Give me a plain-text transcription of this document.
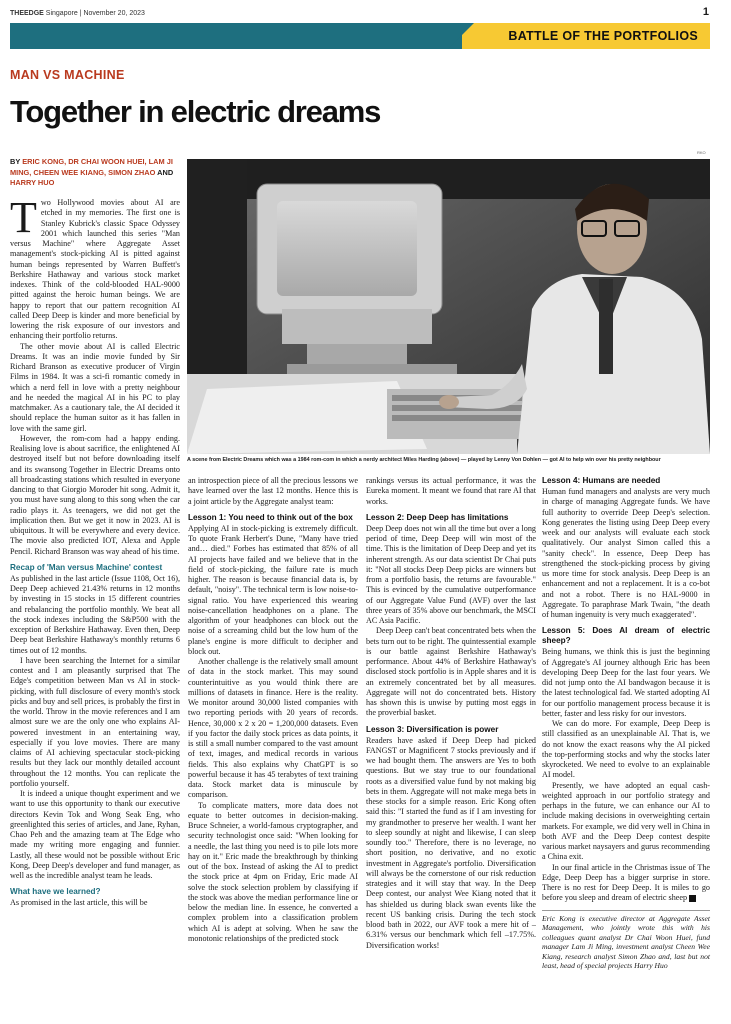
THEEDGE Singapore | November 20, 2023	1
BATTLE OF THE PORTFOLIOS
MAN VS MACHINE
Together in electric dreams
BY ERIC KONG, DR CHAI WOON HUEI, LAM JI MING, CHEEN WEE KIANG, SIMON ZHAO AND HARRY HUO
RKO
A scene from Electric Dreams which was a 1984 rom-com in which a nerdy architect Miles Harding (above) — played by Lenny Von Dohlen — got AI to help win over his pretty neighbour

Two Hollywood movies about AI are etched in my memories. The first one is Stanley Kubrick's classic Space Odyssey 2001 which launched this series "Man versus Machine" where Aggregate Asset management's stock-picking AI is pitted against human beings represented by Warren Buffett's Berkshire Hathaway and various stock market indexes. Think of the cold-blooded HAL-9000 pitted against the heroic human beings. We are happy to report that our pattern recognition AI called Deep Deep is kinder and more beneficial by lowering the risk exposure of our investors and enhancing their portfolio returns.

The other movie about AI is called Electric Dreams. It was an indie movie funded by Sir Richard Branson as executive producer of Virgin Films in 1984. It was a sci-fi romantic comedy in which a nerd fell in love with a pretty neighbour and he needed the magical AI in his PC to play matchmaker. As a cautionary tale, the AI decided it should replace the human suitor as it has fallen in love with the same girl.

However, the rom-com had a happy ending. Realising love is about sacrifice, the enlightened AI destroyed itself but not before downloading itself and its swansong Together in Electric Dreams onto all broadcasting stations which resulted in everyone dancing to that Giorgio Moroder hit song. Admit it, you must have sung along to this song when the car radio plays it. As teenagers, we did not get the implication then. But we get it now in 2023. AI is ubiquitous. It will be everywhere and every device. The movie also predicted IOT, Alexa and Apple Pencil. Richard Branson was way ahead of his time.

Recap of 'Man versus Machine' contest

As published in the last article (Issue 1108, Oct 16), Deep Deep achieved 21.43% returns in 12 months by investing in 15 stocks in 15 different countries and rebalancing the portfolio monthly. We beat all the stock indexes including the S&P500 with the exception of Berkshire Hathaway. Even then, Deep Deep beat Berkshire Hathaway's monthly returns 6 times out of 12 months.

I have been searching the Internet for a similar contest and I am pleasantly surprised that The Edge's competition between Man vs AI in stock-picking, with full disclosure of every month's stock picks and buy and sell prices, is probably the first in the world. Throw in the movie references and I am almost sure we are the only one who explains AI-powered investment in an entertaining way, especially if you love movies. There are many claims of AI achieving spectacular stock-picking results but they lack our monthly detailed account throughout the 12 months. You can replicate the portfolio yourself.

It is indeed a unique thought experiment and we want to use this opportunity to thank our executive directors Kevin Tok and Wong Seak Eng, who greenlighted this series of articles, and Jane, Ryhan, Chao Peh and the amazing team at The Edge who made my writing more engaging and funnier. Lastly, all these would not be possible without Eric Kong, Deep Deep's developer and fund manager, as well as the incredible analyst team he leads.

What have we learned?

As promised in the last article, this will be

an introspection piece of all the precious lessons we have learned over the last 12 months. Hence this is a joint article by the Aggregate analyst team:

Lesson 1: You need to think out of the box

Applying AI in stock-picking is extremely difficult. To quote Frank Herbert's Dune, "Many have tried and… died." Forbes has estimated that 85% of all AI projects have failed and we believe that in the field of stock-picking, the failure rate is much higher. The reason is because financial data is, by default, "noisy". The technical term is low noise-to-signal ratio. You have experienced this wearing noise-cancellation headphones on a plane. The algorithm of your headphones can block out the noise of a screaming child but the low hum of the plane's engine is more difficult to decipher and block out.

Another challenge is the relatively small amount of data in the stock market. This may sound counterintuitive as you would think there are millions of datasets in finance. Here is the reality. We monitor around 30,000 listed companies with two reporting periods with 20 years of records. Hence, 30,000 x 2 x 20 = 1,200,000 datasets. Even if you factor the daily stock prices as data points, it is still a small number compared to the vast amount of text, images, and medical records in various fields. This also explains why ChatGPT is so powerful because it has 45 terabytes of text training data. Stock market data is minuscule by comparison.

To complicate matters, more data does not equate to better outcomes in decision-making. Bruce Schneier, a world-famous cryptographer, and security technologist once said: "When looking for a needle, the last thing you need is to pile lots more hay on it." Eric made the breakthrough by thinking out of the box. Instead of asking the AI to predict the stock price at 4pm on Friday, Eric made AI solve the stock selection problem by classifying if the stock was above the median performance line or below the median line. In essence, he converted a complex problem into a classification problem which AI is adept at solving. When he saw the monotonic relationships of the predicted stock

rankings versus its actual performance, it was the Eureka moment. It meant we found that rare AI that works.

Lesson 2: Deep Deep has limitations

Deep Deep does not win all the time but over a long period of time, Deep Deep will win most of the time. This is the limitation of Deep Deep and yet its inherent strength. As our data scientist Dr Chai puts it: "Not all stocks Deep Deep picks are winners but from a portfolio basis, the returns are favourable." This is evinced by the cumulative outperformance of our Aggregate Value Fund (AVF) over the last three years of 35% above our benchmark, the MSCI AC Asia Pacific.

Deep Deep can't beat concentrated bets when the bets turn out to be right. The quintessential example is our battle against Berkshire Hathaway's performance. About 44% of Berkshire Hathaway's disclosed stock portfolio is in Apple shares and it is an extremely concentrated bet by all measures. Aggregate will not do concentrated bets. History has shown this is unwise by putting most eggs in the proverbial basket.

Lesson 3: Diversification is power

Readers have asked if Deep Deep had picked FANGST or Magnificent 7 stocks previously and if we had bought them. The answers are Yes to both questions. But we stay true to our foundational roots as a diversified value fund by not making big bets in them. Aggregate will not make mega bets in these stocks for a simple reason. Eric Kong often said this: "I started the fund as if I am investing for my grandmother to preserve her wealth. I want her to sleep soundly at night and likewise, I can sleep soundly too." Therefore, there is no leverage, no short position, no derivative, and no exotic investment in Aggregate's portfolio. Diversification will always be the cornerstone of our risk reduction strategies and it will stay that way. In the Deep Deep contest, our analyst Wee Kiang noted that it has shielded us during black swan events like the recent US banking crisis. During the tech stock blood bath in 2022, our AVF took a mere hit of –6.31% versus our benchmark which fell –17.75%. Diversification works!

Lesson 4: Humans are needed

Human fund managers and analysts are very much in charge of managing Aggregate funds. We have full authority to override Deep Deep's selection. Kong generates the listing using Deep Deep every week and our analysts will evaluate each stock qualitatively. Our analyst Simon called this a "sanity check". In essence, Deep Deep has strengthened the stock-picking process by giving us more time for stock analysis. Deep Deep is an enhancement and not a replacement. It is a co-bot and not a robot. There is no HAL-9000 in Aggregate. To paraphrase Mark Twain, "the death of human ingenuity is very much exaggerated".

Lesson 5: Does AI dream of electric sheep?

Being humans, we think this is just the beginning of Aggregate's AI journey although Eric has been developing Deep Deep for the last four years. We did not jump onto the AI bandwagon because it is the latest technological fad. We started adopting AI for our portfolio management process because it is better, faster and less risky for our investors.

We can do more. For example, Deep Deep is still classified as an unexplainable AI. That is, we do not know the exact reasons why the AI picked the top-performing stocks and why the stocks later skyrocketed. We need to evolve to an explainable AI model.

Presently, we have adopted an equal cash-weighted approach in our portfolio strategy and perhaps in the future, we can enhance our AI to include making decisions in overweighting certain markets. For example, we did very well in China in both AVF and the Deep Deep contest despite various market naysayers and gurus recommending a China exit.

In our final article in the Christmas issue of The Edge, Deep Deep has a bigger surprise in store. There is no rest for Deep Deep. It is miles to go before you sleep and dream of electric sheep E

Eric Kong is executive director at Aggregate Asset Management, who jointly wrote this with his colleagues quant analyst Dr Chai Woon Huei, fund manager Lam Ji Ming, investment analyst Cheen Wee Kiang, research analyst Simon Zhao and, last but not least, head of special projects Harry Huo
